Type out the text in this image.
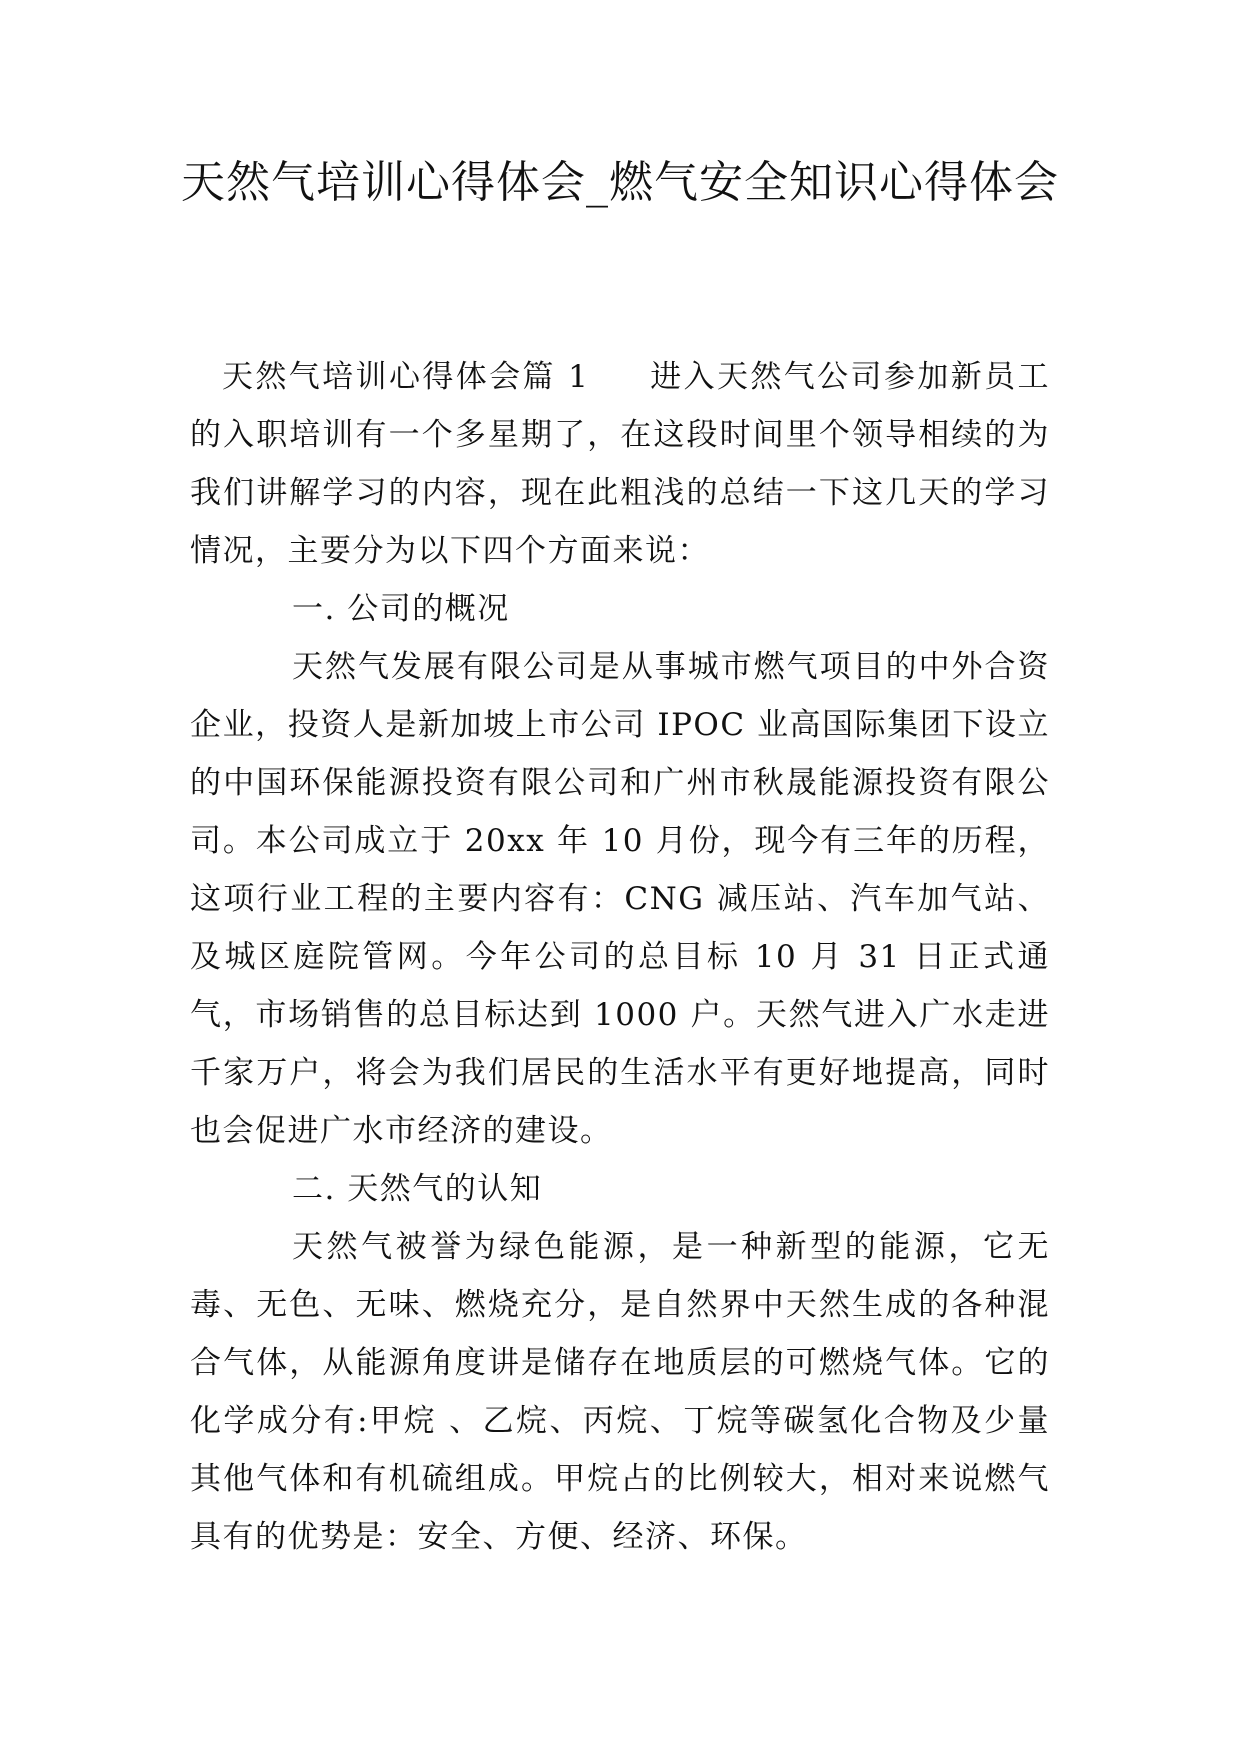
天然气培训心得体会_燃气安全知识心得体会

天然气培训心得体会篇 1 进入天然气公司参加新员工的入职培训有一个多星期了，在这段时间里个领导相续的为我们讲解学习的内容，现在此粗浅的总结一下这几天的学习情况，主要分为以下四个方面来说：

一. 公司的概况

天然气发展有限公司是从事城市燃气项目的中外合资企业，投资人是新加坡上市公司 IPOC 业高国际集团下设立的中国环保能源投资有限公司和广州市秋晟能源投资有限公司。本公司成立于 20xx 年 10 月份，现今有三年的历程，这项行业工程的主要内容有：CNG 减压站、汽车加气站、及城区庭院管网。今年公司的总目标 10 月 31 日正式通气，市场销售的总目标达到 1000 户。天然气进入广水走进千家万户，将会为我们居民的生活水平有更好地提高，同时也会促进广水市经济的建设。

二. 天然气的认知

天然气被誉为绿色能源，是一种新型的能源，它无毒、无色、无味、燃烧充分，是自然界中天然生成的各种混合气体，从能源角度讲是储存在地质层的可燃烧气体。它的化学成分有:甲烷 、乙烷、丙烷、丁烷等碳氢化合物及少量其他气体和有机硫组成。甲烷占的比例较大，相对来说燃气具有的优势是：安全、方便、经济、环保。
